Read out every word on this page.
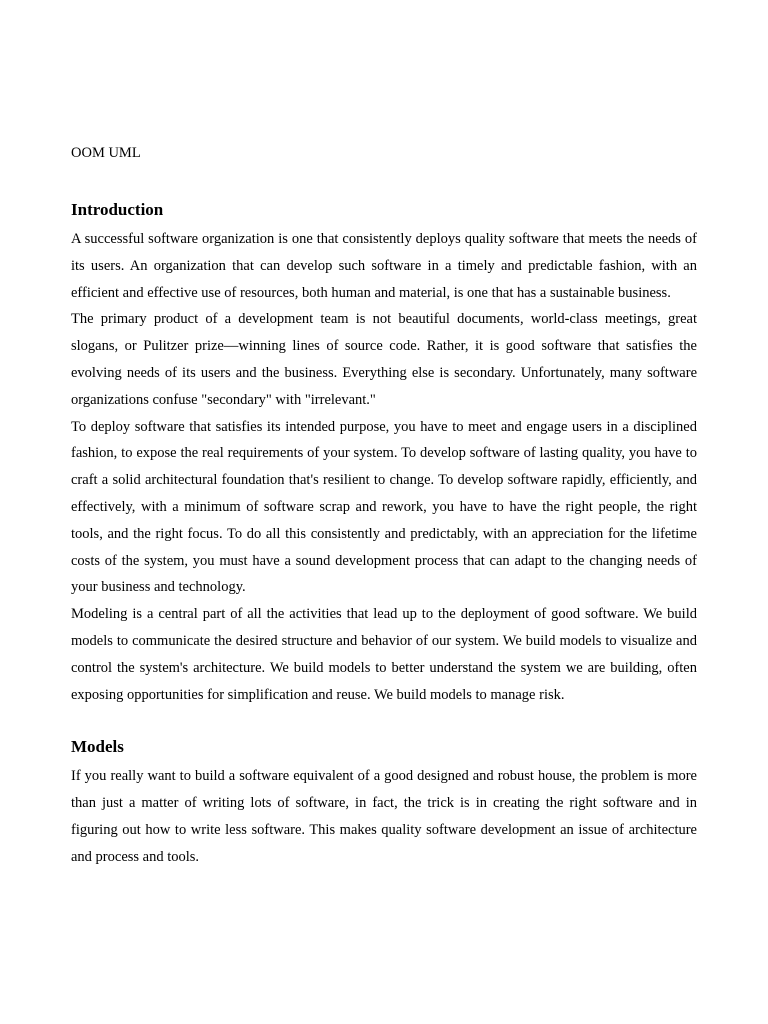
OOM UML

Introduction

A successful software organization is one that consistently deploys quality software that meets the needs of its users. An organization that can develop such software in a timely and predictable fashion, with an efficient and effective use of resources, both human and material, is one that has a sustainable business.

The primary product of a development team is not beautiful documents, world-class meetings, great slogans, or Pulitzer prize—winning lines of source code. Rather, it is good software that satisfies the evolving needs of its users and the business. Everything else is secondary. Unfortunately, many software organizations confuse "secondary" with "irrelevant."

To deploy software that satisfies its intended purpose, you have to meet and engage users in a disciplined fashion, to expose the real requirements of your system. To develop software of lasting quality, you have to craft a solid architectural foundation that's resilient to change. To develop software rapidly, efficiently, and effectively, with a minimum of software scrap and rework, you have to have the right people, the right tools, and the right focus. To do all this consistently and predictably, with an appreciation for the lifetime costs of the system, you must have a sound development process that can adapt to the changing needs of your business and technology.

Modeling is a central part of all the activities that lead up to the deployment of good software. We build models to communicate the desired structure and behavior of our system. We build models to visualize and control the system's architecture. We build models to better understand the system we are building, often exposing opportunities for simplification and reuse. We build models to manage risk.

Models

If you really want to build a software equivalent of a good designed and robust house, the problem is more than just a matter of writing lots of software, in fact, the trick is in creating the right software and in figuring out how to write less software. This makes quality software development an issue of architecture and process and tools.
